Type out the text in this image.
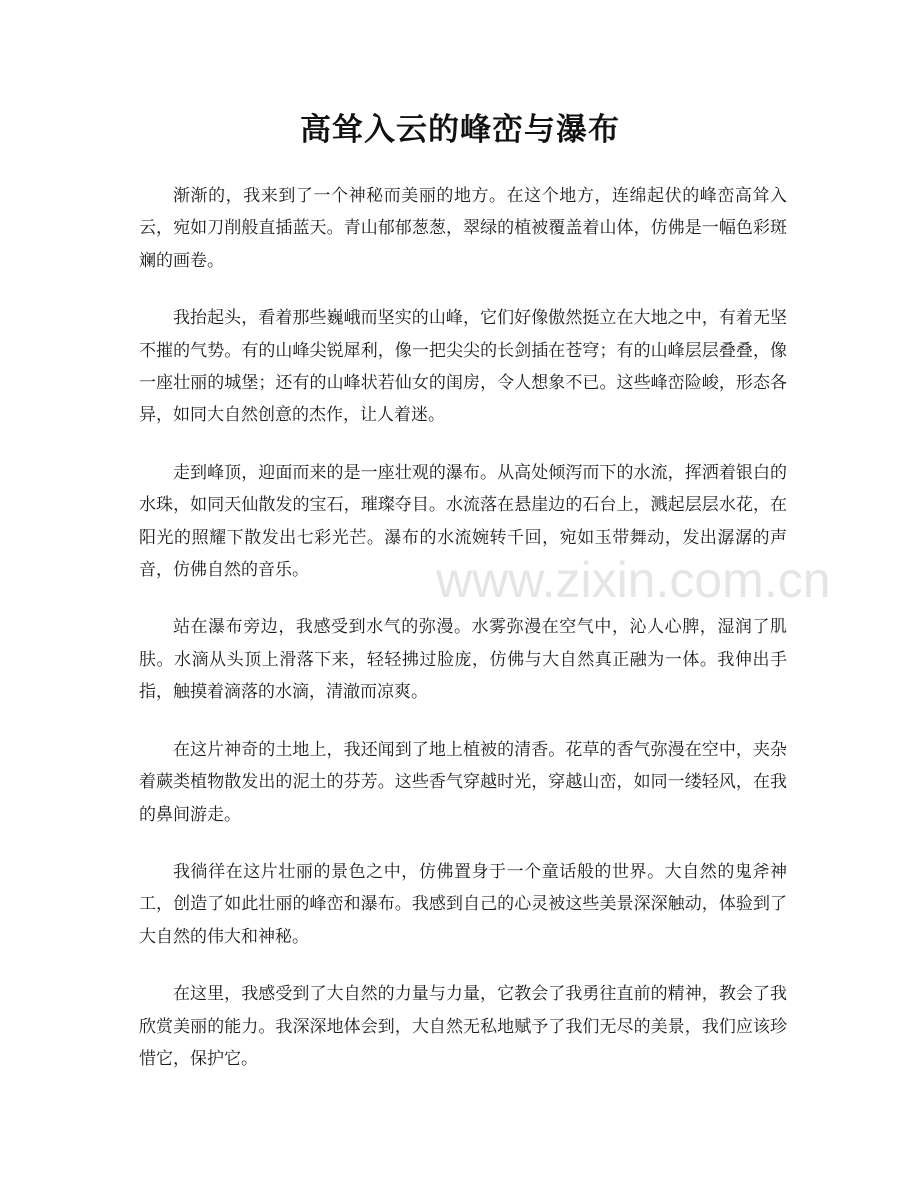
高耸入云的峰峦与瀑布

渐渐的，我来到了一个神秘而美丽的地方。在这个地方，连绵起伏的峰峦高耸入云，宛如刀削般直插蓝天。青山郁郁葱葱，翠绿的植被覆盖着山体，仿佛是一幅色彩斑斓的画卷。

我抬起头，看着那些巍峨而坚实的山峰，它们好像傲然挺立在大地之中，有着无坚不摧的气势。有的山峰尖锐犀利，像一把尖尖的长剑插在苍穹；有的山峰层层叠叠，像一座壮丽的城堡；还有的山峰状若仙女的闺房，令人想象不已。这些峰峦险峻，形态各异，如同大自然创意的杰作，让人着迷。

走到峰顶，迎面而来的是一座壮观的瀑布。从高处倾泻而下的水流，挥洒着银白的水珠，如同天仙散发的宝石，璀璨夺目。水流落在悬崖边的石台上，溅起层层水花，在阳光的照耀下散发出七彩光芒。瀑布的水流婉转千回，宛如玉带舞动，发出潺潺的声音，仿佛自然的音乐。

站在瀑布旁边，我感受到水气的弥漫。水雾弥漫在空气中，沁人心脾，湿润了肌肤。水滴从头顶上滑落下来，轻轻拂过脸庞，仿佛与大自然真正融为一体。我伸出手指，触摸着滴落的水滴，清澈而凉爽。

在这片神奇的土地上，我还闻到了地上植被的清香。花草的香气弥漫在空中，夹杂着蕨类植物散发出的泥土的芬芳。这些香气穿越时光，穿越山峦，如同一缕轻风，在我的鼻间游走。

我徜徉在这片壮丽的景色之中，仿佛置身于一个童话般的世界。大自然的鬼斧神工，创造了如此壮丽的峰峦和瀑布。我感到自己的心灵被这些美景深深触动，体验到了大自然的伟大和神秘。

在这里，我感受到了大自然的力量与力量，它教会了我勇往直前的精神，教会了我欣赏美丽的能力。我深深地体会到，大自然无私地赋予了我们无尽的美景，我们应该珍惜它，保护它。

www.zixin.com.cn
